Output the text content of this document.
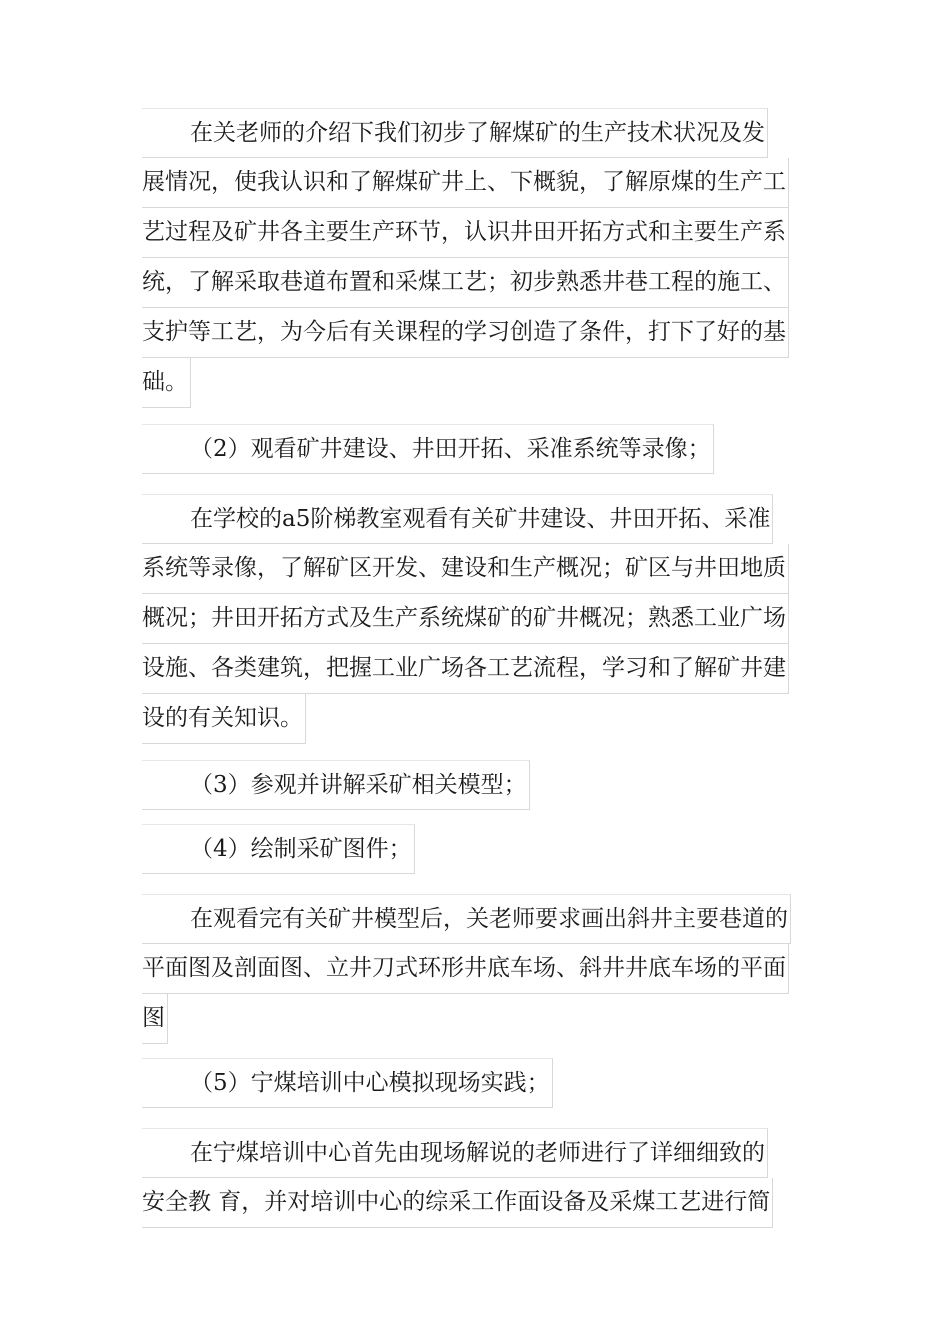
在关老师的介绍下我们初步了解煤矿的生产技术状况及发
展情况，使我认识和了解煤矿井上、下概貌，了解原煤的生产工
艺过程及矿井各主要生产环节，认识井田开拓方式和主要生产系
统，了解采取巷道布置和采煤工艺；初步熟悉井巷工程的施工、
支护等工艺，为今后有关课程的学习创造了条件，打下了好的基
础。
（2）观看矿井建设、井田开拓、采准系统等录像；
在学校的a5阶梯教室观看有关矿井建设、井田开拓、采准
系统等录像，了解矿区开发、建设和生产概况；矿区与井田地质
概况；井田开拓方式及生产系统煤矿的矿井概况；熟悉工业广场
设施、各类建筑，把握工业广场各工艺流程，学习和了解矿井建
设的有关知识。
（3）参观并讲解采矿相关模型；
（4）绘制采矿图件；
在观看完有关矿井模型后，关老师要求画出斜井主要巷道的
平面图及剖面图、立井刀式环形井底车场、斜井井底车场的平面
图
（5）宁煤培训中心模拟现场实践；
在宁煤培训中心首先由现场解说的老师进行了详细细致的
安全教 育，并对培训中心的综采工作面设备及采煤工艺进行简
